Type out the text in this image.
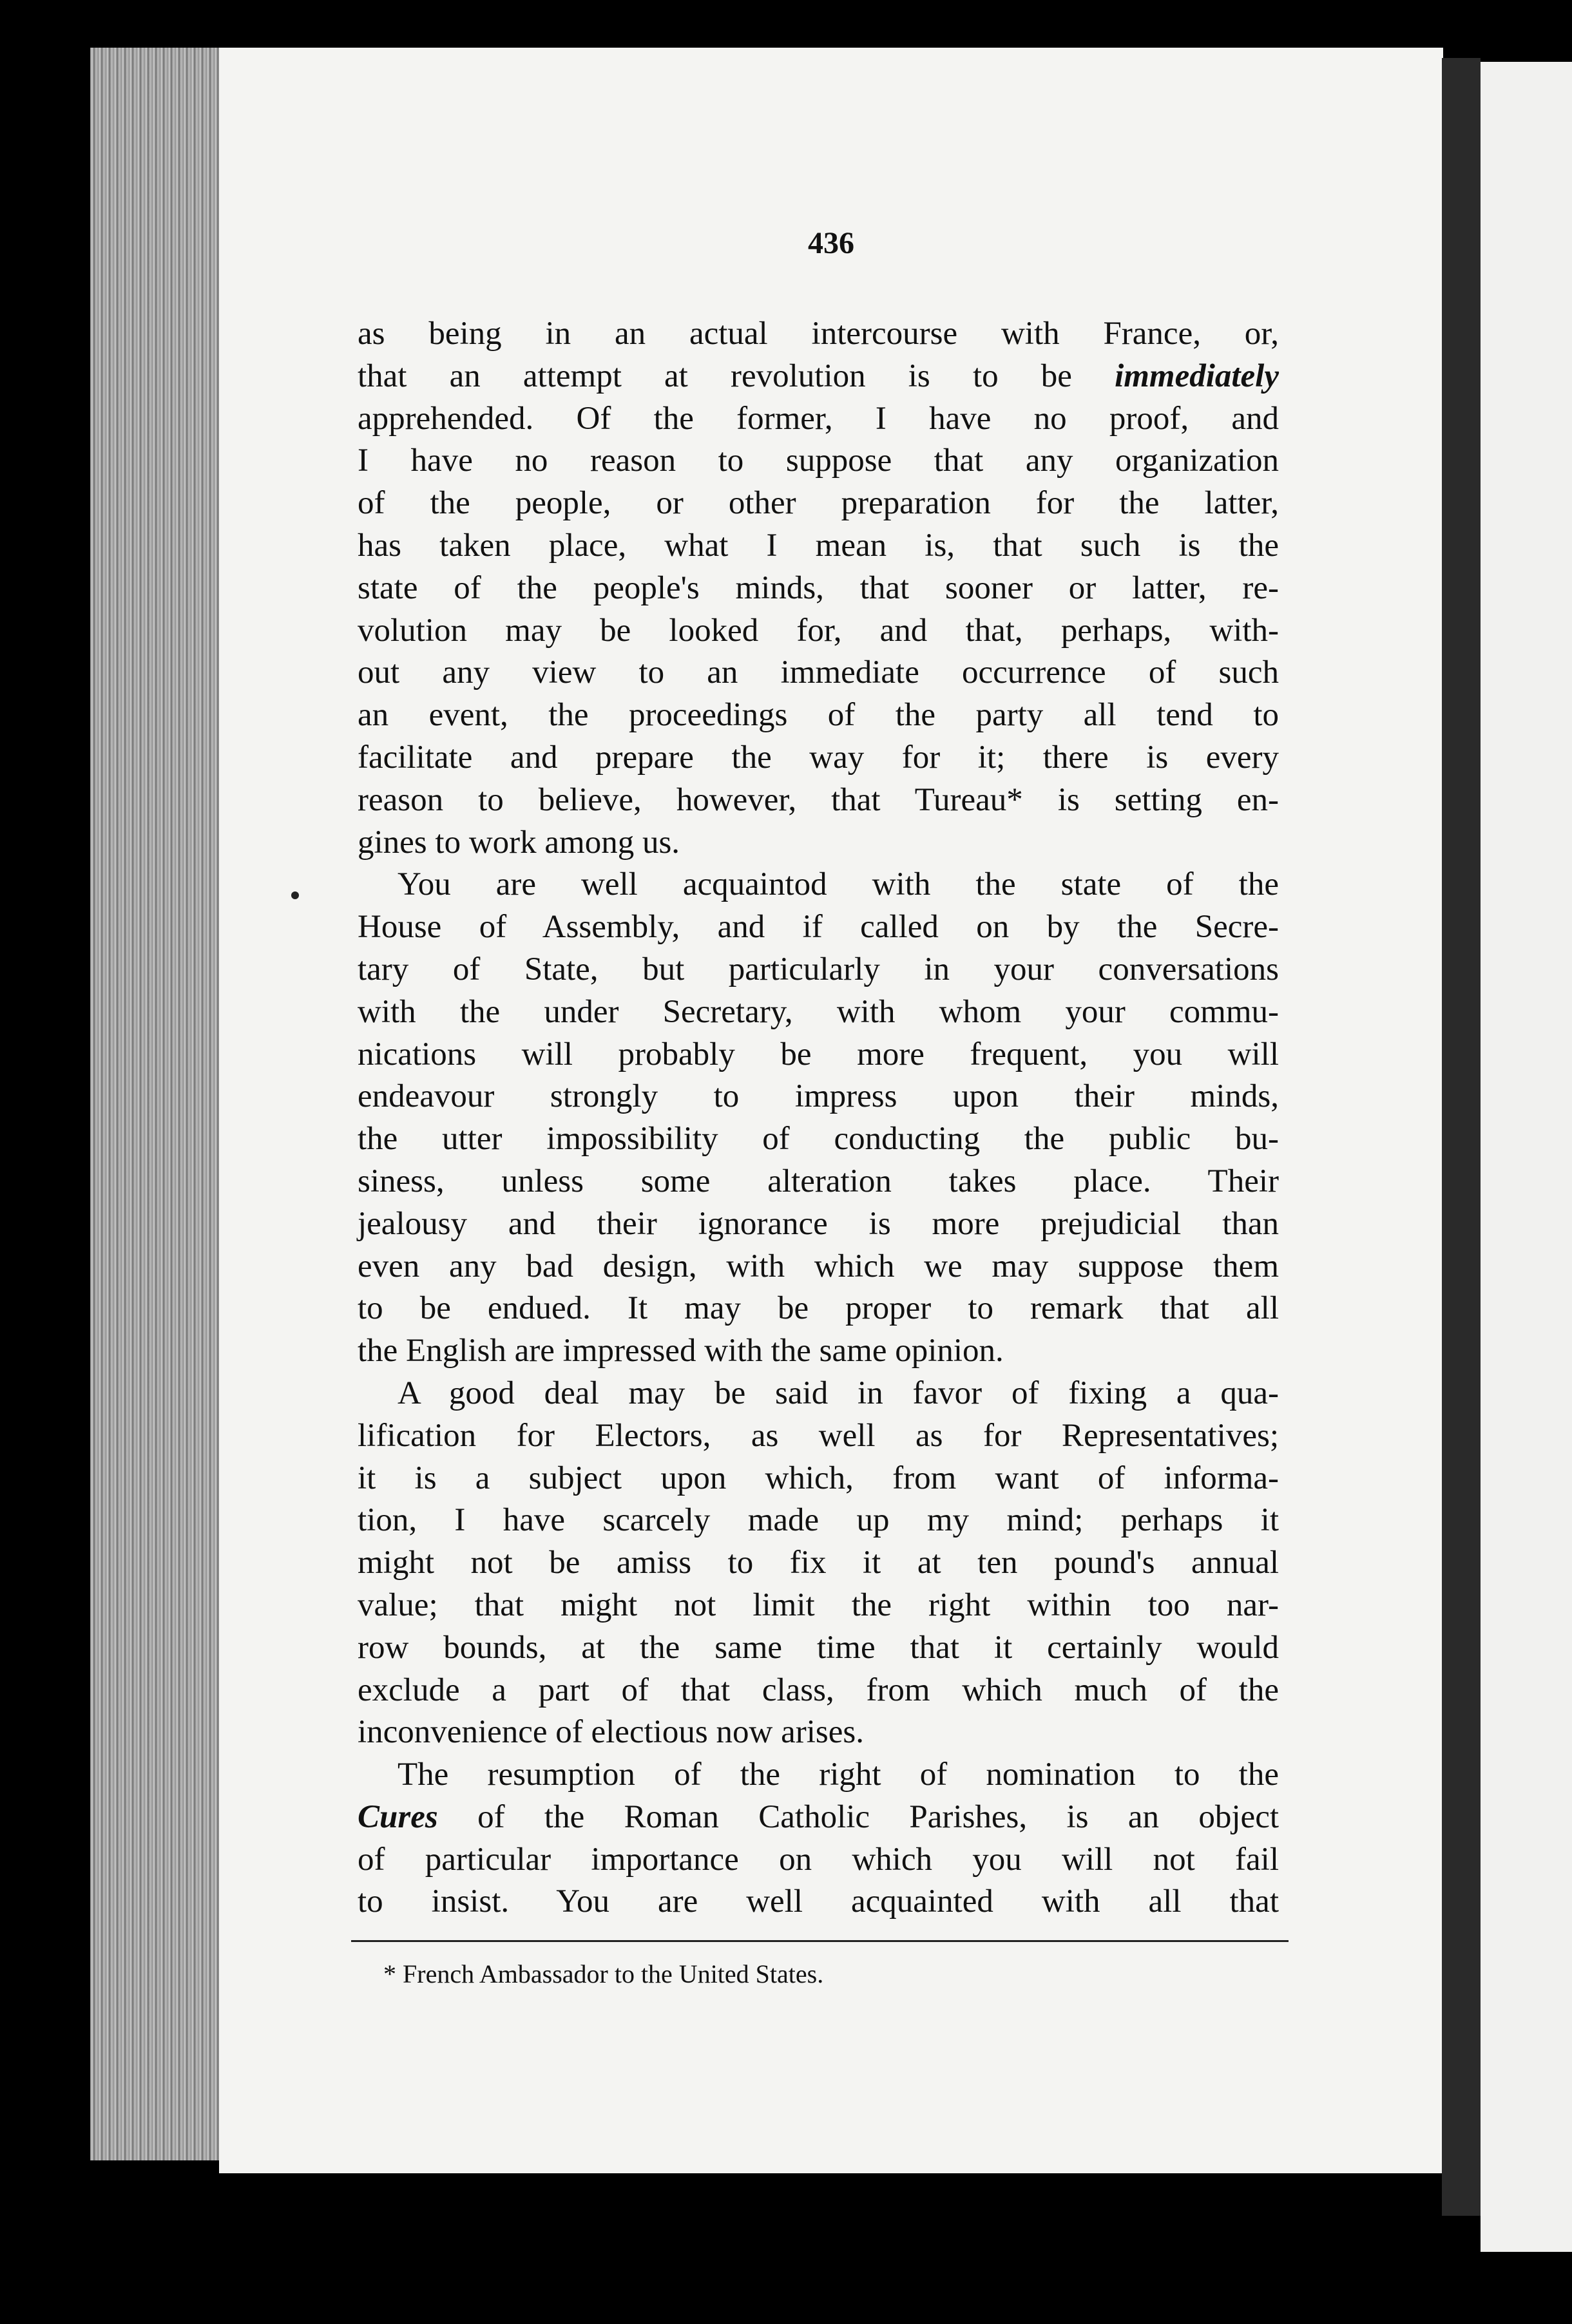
436
as being in an actual intercourse with France, or,
that an attempt at revolution is to be immediately
apprehended. Of the former, I have no proof, and
I have no reason to suppose that any organization
of the people, or other preparation for the latter,
has taken place, what I mean is, that such is the
state of the people's minds, that sooner or latter, re-
volution may be looked for, and that, perhaps, with-
out any view to an immediate occurrence of such
an event, the proceedings of the party all tend to
facilitate and prepare the way for it; there is every
reason to believe, however, that Tureau* is setting en-
gines to work among us.
You are well acquaintod with the state of the
House of Assembly, and if called on by the Secre-
tary of State, but particularly in your conversations
with the under Secretary, with whom your commu-
nications will probably be more frequent, you will
endeavour strongly to impress upon their minds,
the utter impossibility of conducting the public bu-
siness, unless some alteration takes place. Their
jealousy and their ignorance is more prejudicial than
even any bad design, with which we may suppose them
to be endued. It may be proper to remark that all
the English are impressed with the same opinion.
A good deal may be said in favor of fixing a qua-
lification for Electors, as well as for Representatives;
it is a subject upon which, from want of informa-
tion, I have scarcely made up my mind; perhaps it
might not be amiss to fix it at ten pound's annual
value; that might not limit the right within too nar-
row bounds, at the same time that it certainly would
exclude a part of that class, from which much of the
inconvenience of electious now arises.
The resumption of the right of nomination to the
Cures of the Roman Catholic Parishes, is an object
of particular importance on which you will not fail
to insist. You are well acquainted with all that
* French Ambassador to the United States.
